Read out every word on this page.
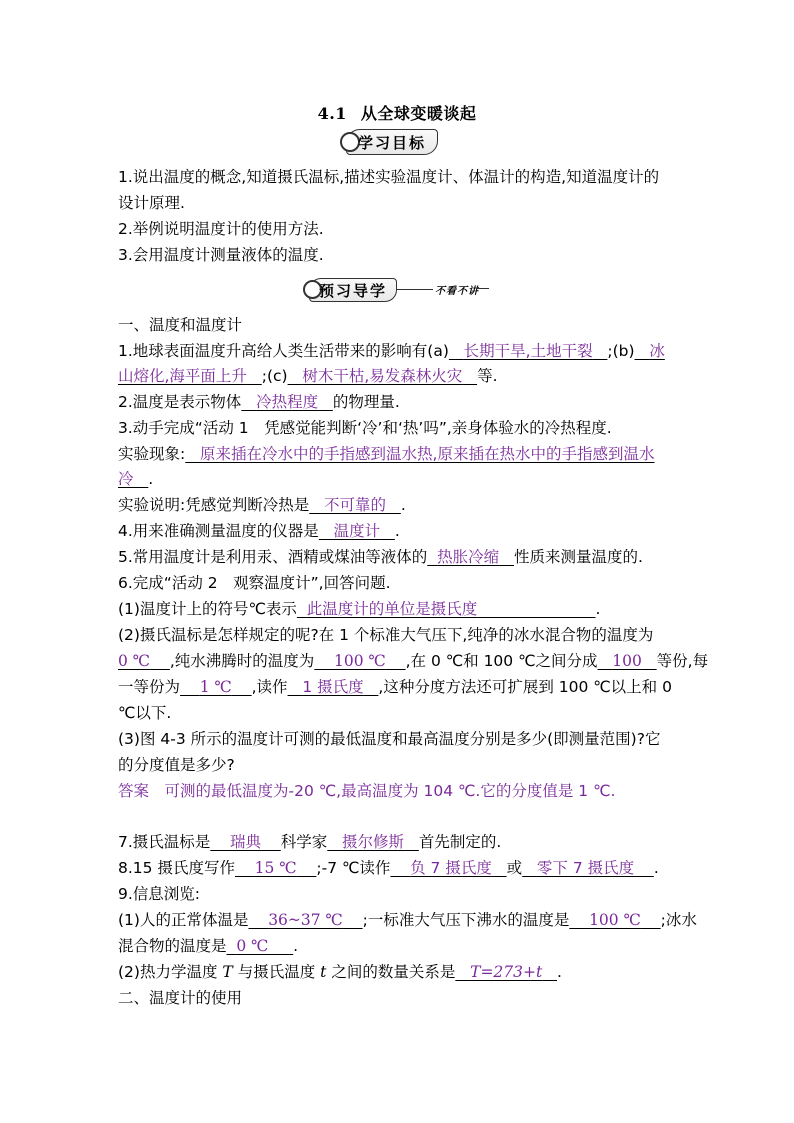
4.1 从全球变暖谈起
学习目标
1.说出温度的概念,知道摄氏温标,描述实验温度计、体温计的构造,知道温度计的
设计原理.
2.举例说明温度计的使用方法.
3.会用温度计测量液体的温度.
预习导学	不看不讲
一、温度和温度计
1.地球表面温度升高给人类生活带来的影响有(a) 长期干旱,土地干裂 ;(b) 冰
山熔化,海平面上升 ;(c) 树木干枯,易发森林火灾 等.
2.温度是表示物体 冷热程度 的物理量.
3.动手完成“活动 1　凭感觉能判断‘冷’和‘热’吗”,亲身体验水的冷热程度.
实验现象: 原来插在冷水中的手指感到温水热,原来插在热水中的手指感到温水
冷 .
实验说明:凭感觉判断冷热是 不可靠的 .
4.用来准确测量温度的仪器是 温度计 .
5.常用温度计是利用汞、酒精或煤油等液体的 热胀冷缩 性质来测量温度的.
6.完成“活动 2　观察温度计”,回答问题.
(1)温度计上的符号℃表示 此温度计的单位是摄氏度	.
(2)摄氏温标是怎样规定的呢?在 1 个标准大气压下,纯净的冰水混合物的温度为
0 ℃ ,纯水沸腾时的温度为 100 ℃ ,在 0 ℃和 100 ℃之间分成 100 等份,每
一等份为 1 ℃ ,读作 1 摄氏度 ,这种分度方法还可扩展到 100 ℃以上和 0
℃以下.
(3)图 4-3 所示的温度计可测的最低温度和最高温度分别是多少(即测量范围)?它
的分度值是多少?
答案　可测的最低温度为-20 ℃,最高温度为 104 ℃.它的分度值是 1 ℃.
7.摄氏温标是 瑞典 科学家 摄尔修斯 首先制定的.
8.15 摄氏度写作 15 ℃ ;-7 ℃读作 负 7 摄氏度 或 零下 7 摄氏度 .
9.信息浏览:
(1)人的正常体温是 36~37 ℃ ;一标准大气压下沸水的温度是 100 ℃ ;冰水
混合物的温度是 0 ℃ .
(2)热力学温度 T 与摄氏温度 t 之间的数量关系是 T=273+t .
二、温度计的使用
